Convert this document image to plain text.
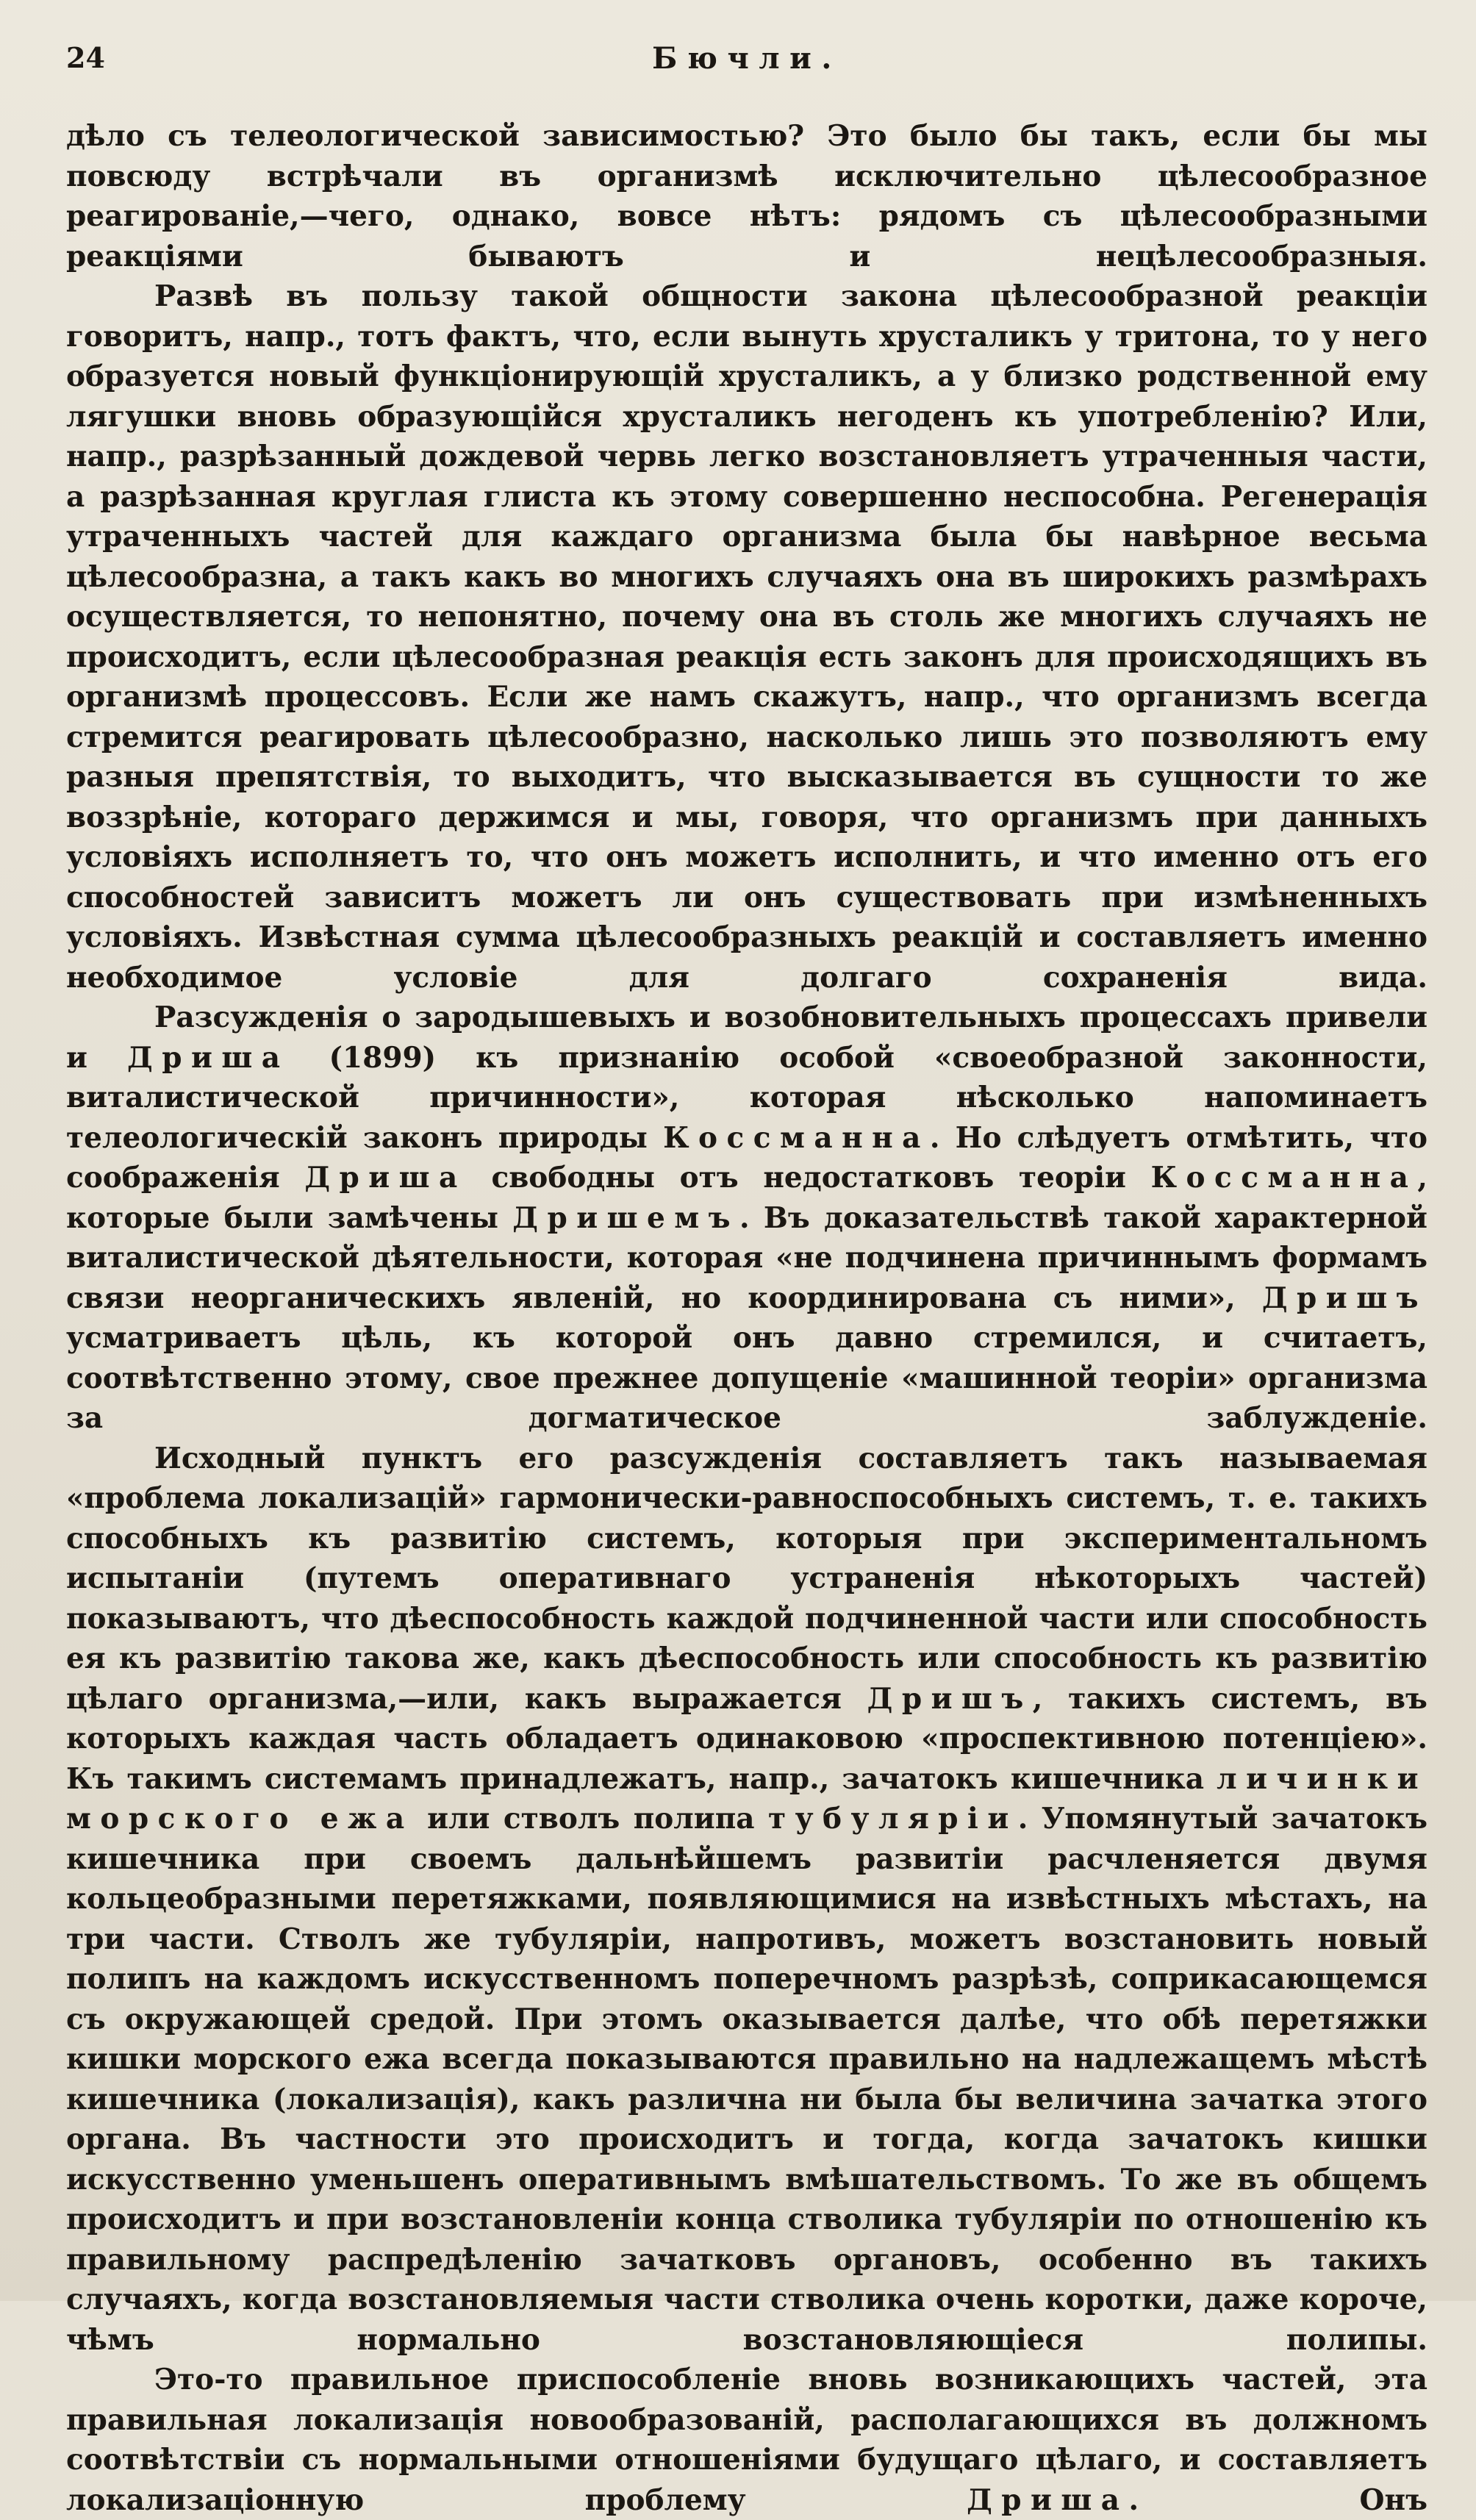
24	Бючли.

дѣло съ телеологической зависимостью? Это было бы такъ, если бы мы повсюду встрѣчали въ организмѣ исключительно цѣлесообразное реагированіе,—чего, однако, вовсе нѣтъ: рядомъ съ цѣлесообразными реакціями бываютъ и нецѣлесообразныя.

Развѣ въ пользу такой общности закона цѣлесообразной реакціи говоритъ, напр., тотъ фактъ, что, если вынуть хрусталикъ у тритона, то у него образуется новый функціонирующій хрусталикъ, а у близко родственной ему лягушки вновь образующійся хрусталикъ негоденъ къ употребленію? Или, напр., разрѣзанный дождевой червь легко возстановляетъ утраченныя части, а разрѣзанная круглая глиста къ этому совершенно неспособна. Регенерація утраченныхъ частей для каждаго организма была бы навѣрное весьма цѣлесообразна, а такъ какъ во многихъ случаяхъ она въ широкихъ размѣрахъ осуществляется, то непонятно, почему она въ столь же многихъ случаяхъ не происходитъ, если цѣлесообразная реакція есть законъ для происходящихъ въ организмѣ процессовъ. Если же намъ скажутъ, напр., что организмъ всегда стремится реагировать цѣлесообразно, насколько лишь это позволяютъ ему разныя препятствія, то выходитъ, что высказывается въ сущности то же воззрѣніе, котораго держимся и мы, говоря, что организмъ при данныхъ условіяхъ исполняетъ то, что онъ можетъ исполнить, и что именно отъ его способностей зависитъ можетъ ли онъ существовать при измѣненныхъ условіяхъ. Извѣстная сумма цѣлесообразныхъ реакцій и составляетъ именно необходимое условіе для долгаго сохраненія вида.

Разсужденія о зародышевыхъ и возобновительныхъ процессахъ привели и Дриша (1899) къ признанію особой «своеобразной законности, виталистической причинности», которая нѣсколько напоминаетъ телеологическій законъ природы Коссманна. Но слѣдуетъ отмѣтить, что соображенія Дриша свободны отъ недостатковъ теоріи Коссманна, которые были замѣчены Дришемъ. Въ доказательствѣ такой характерной виталистической дѣятельности, которая «не подчинена причиннымъ формамъ связи неорганическихъ явленій, но координирована съ ними», Дришъ усматриваетъ цѣль, къ которой онъ давно стремился, и считаетъ, соотвѣтственно этому, свое прежнее допущеніе «машинной теоріи» организма за догматическое заблужденіе.

Исходный пунктъ его разсужденія составляетъ такъ называемая «проблема локализацій» гармонически-равноспособныхъ системъ, т. е. такихъ способныхъ къ развитію системъ, которыя при экспериментальномъ испытаніи (путемъ оперативнаго устраненія нѣкоторыхъ частей) показываютъ, что дѣеспособность каждой подчиненной части или способность ея къ развитію такова же, какъ дѣеспособность или способность къ развитію цѣлаго организма,—или, какъ выражается Дришъ, такихъ системъ, въ которыхъ каждая часть обладаетъ одинаковою «проспективною потенціею». Къ такимъ системамъ принадлежатъ, напр., зачатокъ кишечника личинки морского ежа или стволъ полипа тубуляріи. Упомянутый зачатокъ кишечника при своемъ дальнѣйшемъ развитіи расчленяется двумя кольцеобразными перетяжками, появляющимися на извѣстныхъ мѣстахъ, на три части. Стволъ же тубуляріи, напротивъ, можетъ возстановить новый полипъ на каждомъ искусственномъ поперечномъ разрѣзѣ, соприкасающемся съ окружающей средой. При этомъ оказывается далѣе, что обѣ перетяжки кишки морского ежа всегда показываются правильно на надлежащемъ мѣстѣ кишечника (локализація), какъ различна ни была бы величина зачатка этого органа. Въ частности это происходитъ и тогда, когда зачатокъ кишки искусственно уменьшенъ оперативнымъ вмѣшательствомъ. То же въ общемъ происходитъ и при возстановленіи конца стволика тубуляріи по отношенію къ правильному распредѣленію зачатковъ органовъ, особенно въ такихъ случаяхъ, когда возстановляемыя части стволика очень коротки, даже короче, чѣмъ нормально возстановляющіеся полипы.

Это-то правильное приспособленіе вновь возникающихъ частей, эта правильная локализація новообразованій, располагающихся въ должномъ соотвѣтствіи съ нормальными отношеніями будущаго цѣлаго, и составляетъ локализаціонную проблему Дриша. Онъ
